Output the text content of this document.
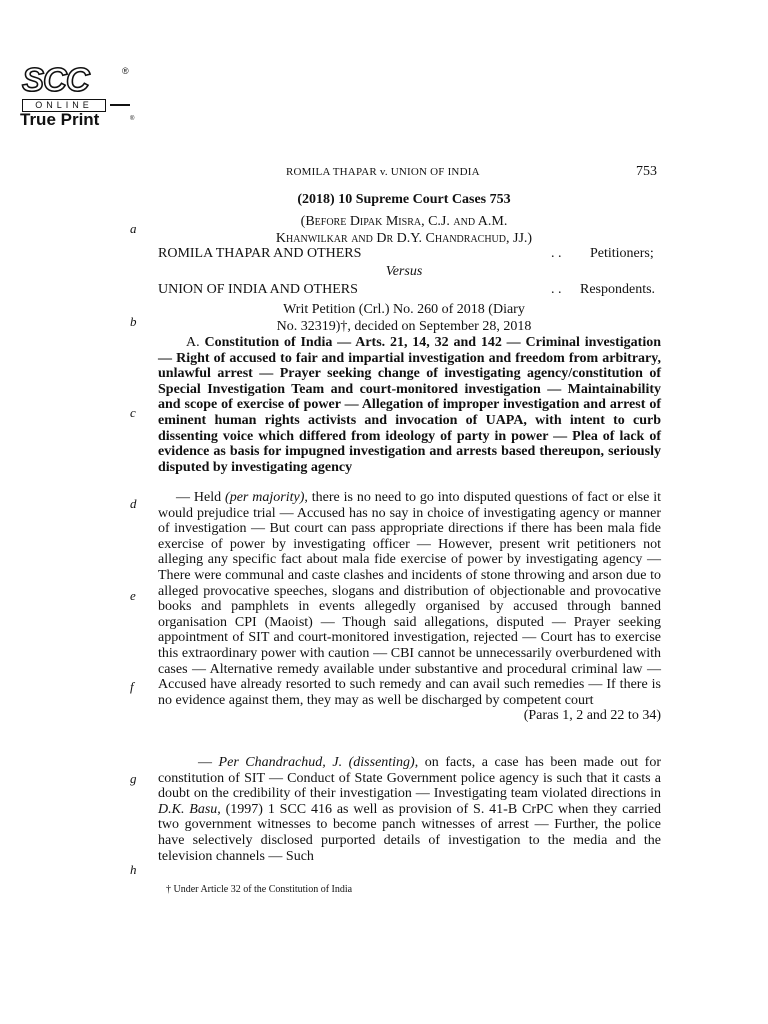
SCC	®
ONLINE
True Print	®
ROMILA THAPAR v. UNION OF INDIA	753
(2018) 10 Supreme Court Cases 753
(Before Dipak Misra, C.J. and A.M.
Khanwilkar and Dr D.Y. Chandrachud, JJ.)
ROMILA THAPAR AND OTHERS	. . Petitioners;
Versus
UNION OF INDIA AND OTHERS	. . Respondents.
Writ Petition (Crl.) No. 260 of 2018 (Diary
No. 32319)†, decided on September 28, 2018
a
b
c
d
e
f
g
h
A. Constitution of India — Arts. 21, 14, 32 and 142 — Criminal investigation — Right of accused to fair and impartial investigation and freedom from arbitrary, unlawful arrest — Prayer seeking change of investigating agency/constitution of Special Investigation Team and court-monitored investigation — Maintainability and scope of exercise of power — Allegation of improper investigation and arrest of eminent human rights activists and invocation of UAPA, with intent to curb dissenting voice which differed from ideology of party in power — Plea of lack of evidence as basis for impugned investigation and arrests based thereupon, seriously disputed by investigating agency
— Held (per majority), there is no need to go into disputed questions of fact or else it would prejudice trial — Accused has no say in choice of investigating agency or manner of investigation — But court can pass appropriate directions if there has been mala fide exercise of power by investigating officer — However, present writ petitioners not alleging any specific fact about mala fide exercise of power by investigating agency — There were communal and caste clashes and incidents of stone throwing and arson due to alleged provocative speeches, slogans and distribution of objectionable and provocative books and pamphlets in events allegedly organised by accused through banned organisation CPI (Maoist) — Though said allegations, disputed — Prayer seeking appointment of SIT and court-monitored investigation, rejected — Court has to exercise this extraordinary power with caution — CBI cannot be unnecessarily overburdened with cases — Alternative remedy available under substantive and procedural criminal law — Accused have already resorted to such remedy and can avail such remedies — If there is no evidence against them, they may as well be discharged by competent court
(Paras 1, 2 and 22 to 34)
— Per Chandrachud, J. (dissenting), on facts, a case has been made out for constitution of SIT — Conduct of State Government police agency is such that it casts a doubt on the credibility of their investigation — Investigating team violated directions in D.K. Basu, (1997) 1 SCC 416 as well as provision of S. 41-B CrPC when they carried two government witnesses to become panch witnesses of arrest — Further, the police have selectively disclosed purported details of investigation to the media and the television channels — Such
† Under Article 32 of the Constitution of India
